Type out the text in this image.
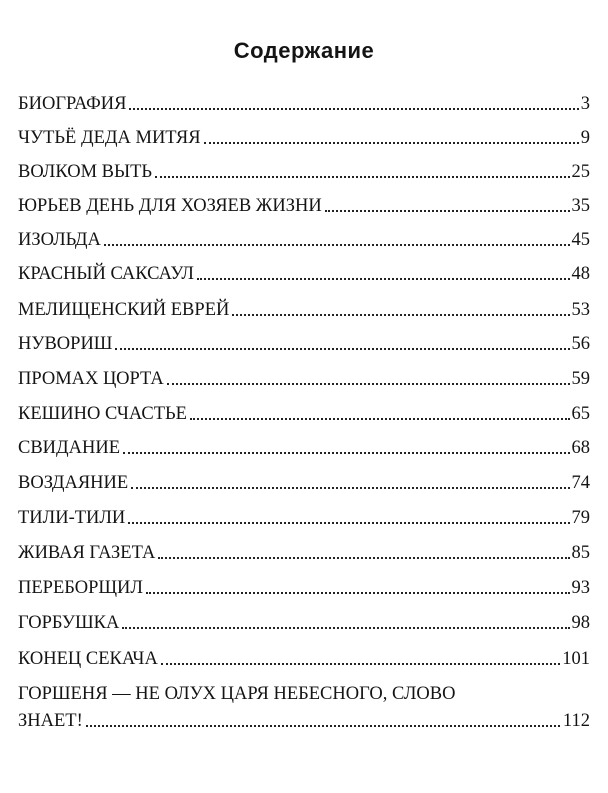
Содержание
БИОГРАФИЯ	3
ЧУТЬЁ ДЕДА МИТЯЯ	9
ВОЛКОМ ВЫТЬ	25
ЮРЬЕВ ДЕНЬ ДЛЯ ХОЗЯЕВ ЖИЗНИ	35
ИЗОЛЬДА	45
КРАСНЫЙ САКСАУЛ	48
МЕЛИЩЕНСКИЙ ЕВРЕЙ	53
НУВОРИШ	56
ПРОМАХ ЦОРТА	59
КЕШИНО СЧАСТЬЕ	65
СВИДАНИЕ	68
ВОЗДАЯНИЕ	74
ТИЛИ-ТИЛИ	79
ЖИВАЯ ГАЗЕТА	85
ПЕРЕБОРЩИЛ	93
ГОРБУШКА	98
КОНЕЦ СЕКАЧА	101
ГОРШЕНЯ — НЕ ОЛУХ ЦАРЯ НЕБЕСНОГО, СЛОВО
ЗНАЕТ!	112
